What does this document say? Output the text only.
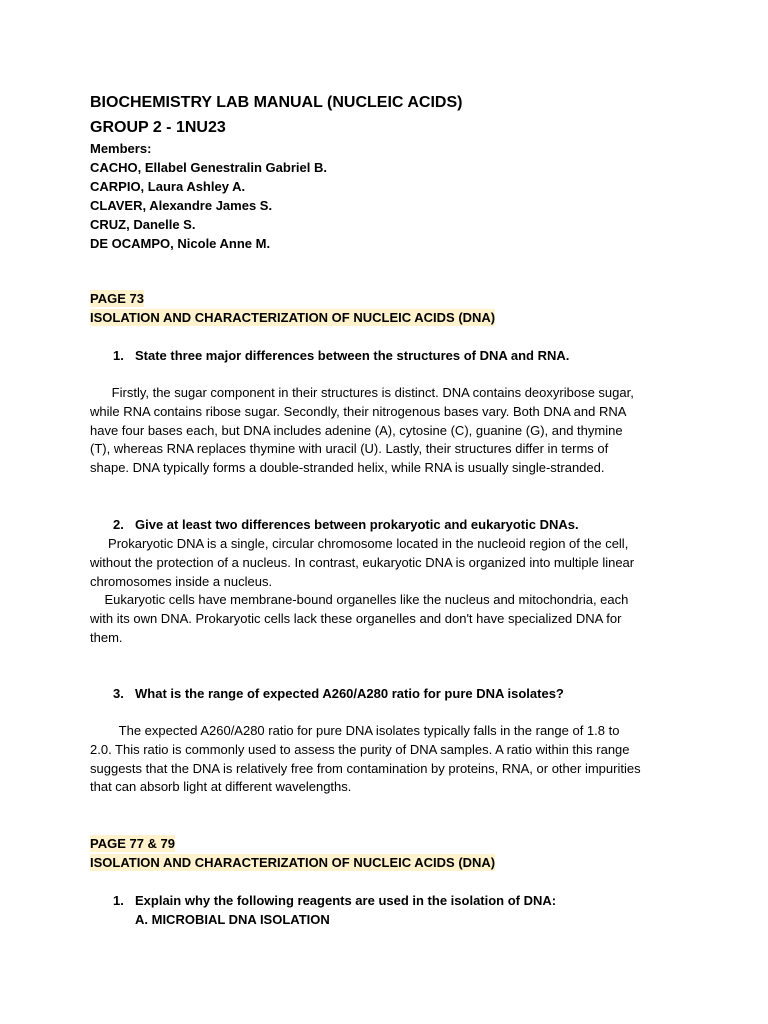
BIOCHEMISTRY LAB MANUAL (NUCLEIC ACIDS)
GROUP 2 - 1NU23
Members:
CACHO, Ellabel Genestralin Gabriel B.
CARPIO, Laura Ashley A.
CLAVER, Alexandre James S.
CRUZ, Danelle S.
DE OCAMPO, Nicole Anne M.
PAGE 73
ISOLATION AND CHARACTERIZATION OF NUCLEIC ACIDS (DNA)
1. State three major differences between the structures of DNA and RNA.
Firstly, the sugar component in their structures is distinct. DNA contains deoxyribose sugar,
while RNA contains ribose sugar. Secondly, their nitrogenous bases vary. Both DNA and RNA
have four bases each, but DNA includes adenine (A), cytosine (C), guanine (G), and thymine
(T), whereas RNA replaces thymine with uracil (U). Lastly, their structures differ in terms of
shape. DNA typically forms a double-stranded helix, while RNA is usually single-stranded.
2. Give at least two differences between prokaryotic and eukaryotic DNAs.
Prokaryotic DNA is a single, circular chromosome located in the nucleoid region of the cell,
without the protection of a nucleus. In contrast, eukaryotic DNA is organized into multiple linear
chromosomes inside a nucleus.
Eukaryotic cells have membrane-bound organelles like the nucleus and mitochondria, each
with its own DNA. Prokaryotic cells lack these organelles and don't have specialized DNA for
them.
3. What is the range of expected A260/A280 ratio for pure DNA isolates?
The expected A260/A280 ratio for pure DNA isolates typically falls in the range of 1.8 to
2.0. This ratio is commonly used to assess the purity of DNA samples. A ratio within this range
suggests that the DNA is relatively free from contamination by proteins, RNA, or other impurities
that can absorb light at different wavelengths.
PAGE 77 & 79
ISOLATION AND CHARACTERIZATION OF NUCLEIC ACIDS (DNA)
1. Explain why the following reagents are used in the isolation of DNA:
A. MICROBIAL DNA ISOLATION
